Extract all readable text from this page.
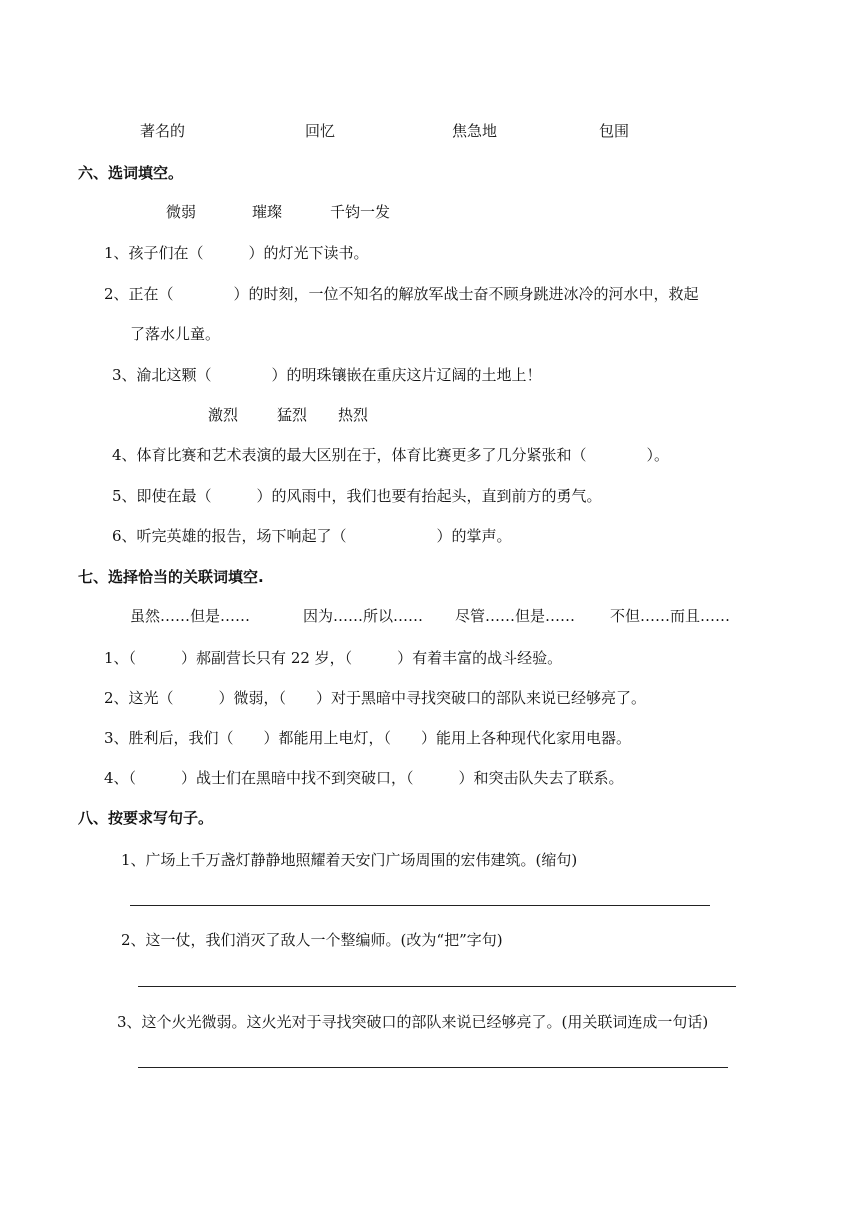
著名的	回忆	焦急地	包围
六、选词填空。
微弱	璀璨	千钧一发
1、孩子们在（　　　）的灯光下读书。
2、正在（　　　　）的时刻，一位不知名的解放军战士奋不顾身跳进冰冷的河水中，救起
了落水儿童。
3、渝北这颗（　　　　）的明珠镶嵌在重庆这片辽阔的土地上！
激烈	猛烈 热烈
4、体育比赛和艺术表演的最大区别在于，体育比赛更多了几分紧张和（　　　　）。
5、即使在最（　　　）的风雨中，我们也要有抬起头，直到前方的勇气。
6、听完英雄的报告，场下响起了（　　　　　　）的掌声。
七、选择恰当的关联词填空.
虽然……但是……	因为……所以…… 尽管……但是…… 不但……而且……
1、（　　　）郝副营长只有 22 岁，（　　　）有着丰富的战斗经验。
2、这光（　　　）微弱，（　　）对于黑暗中寻找突破口的部队来说已经够亮了。
3、胜利后，我们（　　）都能用上电灯，（　　）能用上各种现代化家用电器。
4、（　　　）战士们在黑暗中找不到突破口，（　　　）和突击队失去了联系。
八、按要求写句子。
1、广场上千万盏灯静静地照耀着天安门广场周围的宏伟建筑。(缩句)
2、这一仗，我们消灭了敌人一个整编师。(改为“把”字句)
3、这个火光微弱。这火光对于寻找突破口的部队来说已经够亮了。(用关联词连成一句话)
